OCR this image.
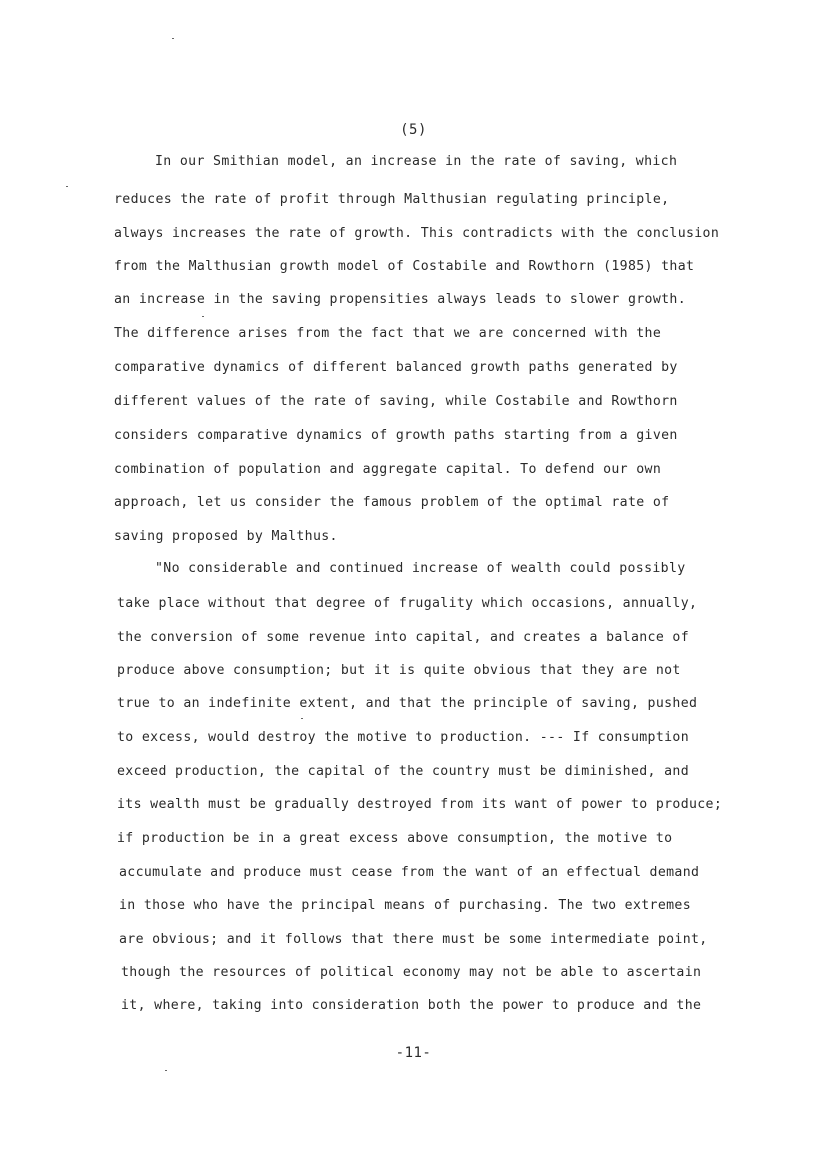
(5)
In our Smithian model, an increase in the rate of saving, which
reduces the rate of profit through Malthusian regulating principle,
always increases the rate of growth. This contradicts with the conclusion
from the Malthusian growth model of Costabile and Rowthorn (1985) that
an increase in the saving propensities always leads to slower growth.
The difference arises from the fact that we are concerned with the
comparative dynamics of different balanced growth paths generated by
different values of the rate of saving, while Costabile and Rowthorn
considers comparative dynamics of growth paths starting from a given
combination of population and aggregate capital. To defend our own
approach, let us consider the famous problem of the optimal rate of
saving proposed by Malthus.
"No considerable and continued increase of wealth could possibly
take place without that degree of frugality which occasions, annually,
the conversion of some revenue into capital, and creates a balance of
produce above consumption; but it is quite obvious that they are not
true to an indefinite extent, and that the principle of saving, pushed
to excess, would destroy the motive to production. --- If consumption
exceed production, the capital of the country must be diminished, and
its wealth must be gradually destroyed from its want of power to produce;
if production be in a great excess above consumption, the motive to
accumulate and produce must cease from the want of an effectual demand
in those who have the principal means of purchasing. The two extremes
are obvious; and it follows that there must be some intermediate point,
though the resources of political economy may not be able to ascertain
it, where, taking into consideration both the power to produce and the
-11-
